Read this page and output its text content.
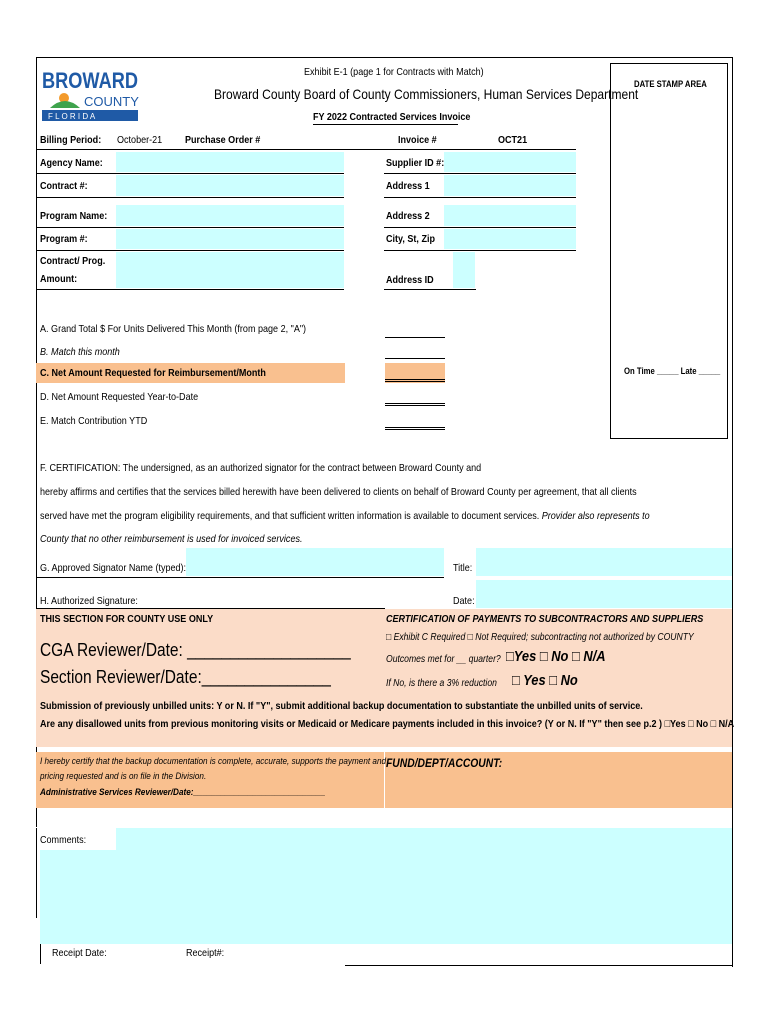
BROWARD
COUNTY
F L O R I D A
Exhibit E-1 (page 1 for Contracts with Match)
Broward County Board of County Commissioners, Human Services Department
FY 2022 Contracted Services Invoice
DATE STAMP AREA
On Time _____ Late _____
Billing Period: October-21 Purchase Order #	Invoice #	OCT21
Agency Name:
Contract #:
Program Name:
Program #:
Contract/ Prog.
Amount:
Supplier ID #:
Address 1
Address 2
City, St, Zip
Address ID
A. Grand Total $ For Units Delivered This Month (from page 2, "A")
B. Match this month
C. Net Amount Requested for Reimbursement/Month
D. Net Amount Requested Year-to-Date
E. Match Contribution YTD
F. CERTIFICATION: The undersigned, as an authorized signator for the contract between Broward County and
hereby affirms and certifies that the services billed herewith have been delivered to clients on behalf of Broward County per agreement, that all clients
served have met the program eligibility requirements, and that sufficient written information is available to document services. Provider also represents to
County that no other reimbursement is used for invoiced services.
G. Approved Signator Name (typed):	Title:
H. Authorized Signature:	Date:
THIS SECTION FOR COUNTY USE ONLY
CGA Reviewer/Date: ___________________
Section Reviewer/Date:_______________
CERTIFICATION OF PAYMENTS TO SUBCONTRACTORS AND SUPPLIERS
□ Exhibit C Required □ Not Required; subcontracting not authorized by COUNTY
Outcomes met for __ quarter? □Yes □ No □ N/A
If No, is there a 3% reduction □ Yes □ No
Submission of previously unbilled units: Y or N. If "Y", submit additional backup documentation to substantiate the unbilled units of service.
Are any disallowed units from previous monitoring visits or Medicaid or Medicare payments included in this invoice? (Y or N. If "Y" then see p.2 ) □Yes □ No □ N/A
I hereby certify that the backup documentation is complete, accurate, supports the payment and
pricing requested and is on file in the Division.
Administrative Services Reviewer/Date:_____________________________
FUND/DEPT/ACCOUNT:
Comments:
Receipt Date:	Receipt#:
